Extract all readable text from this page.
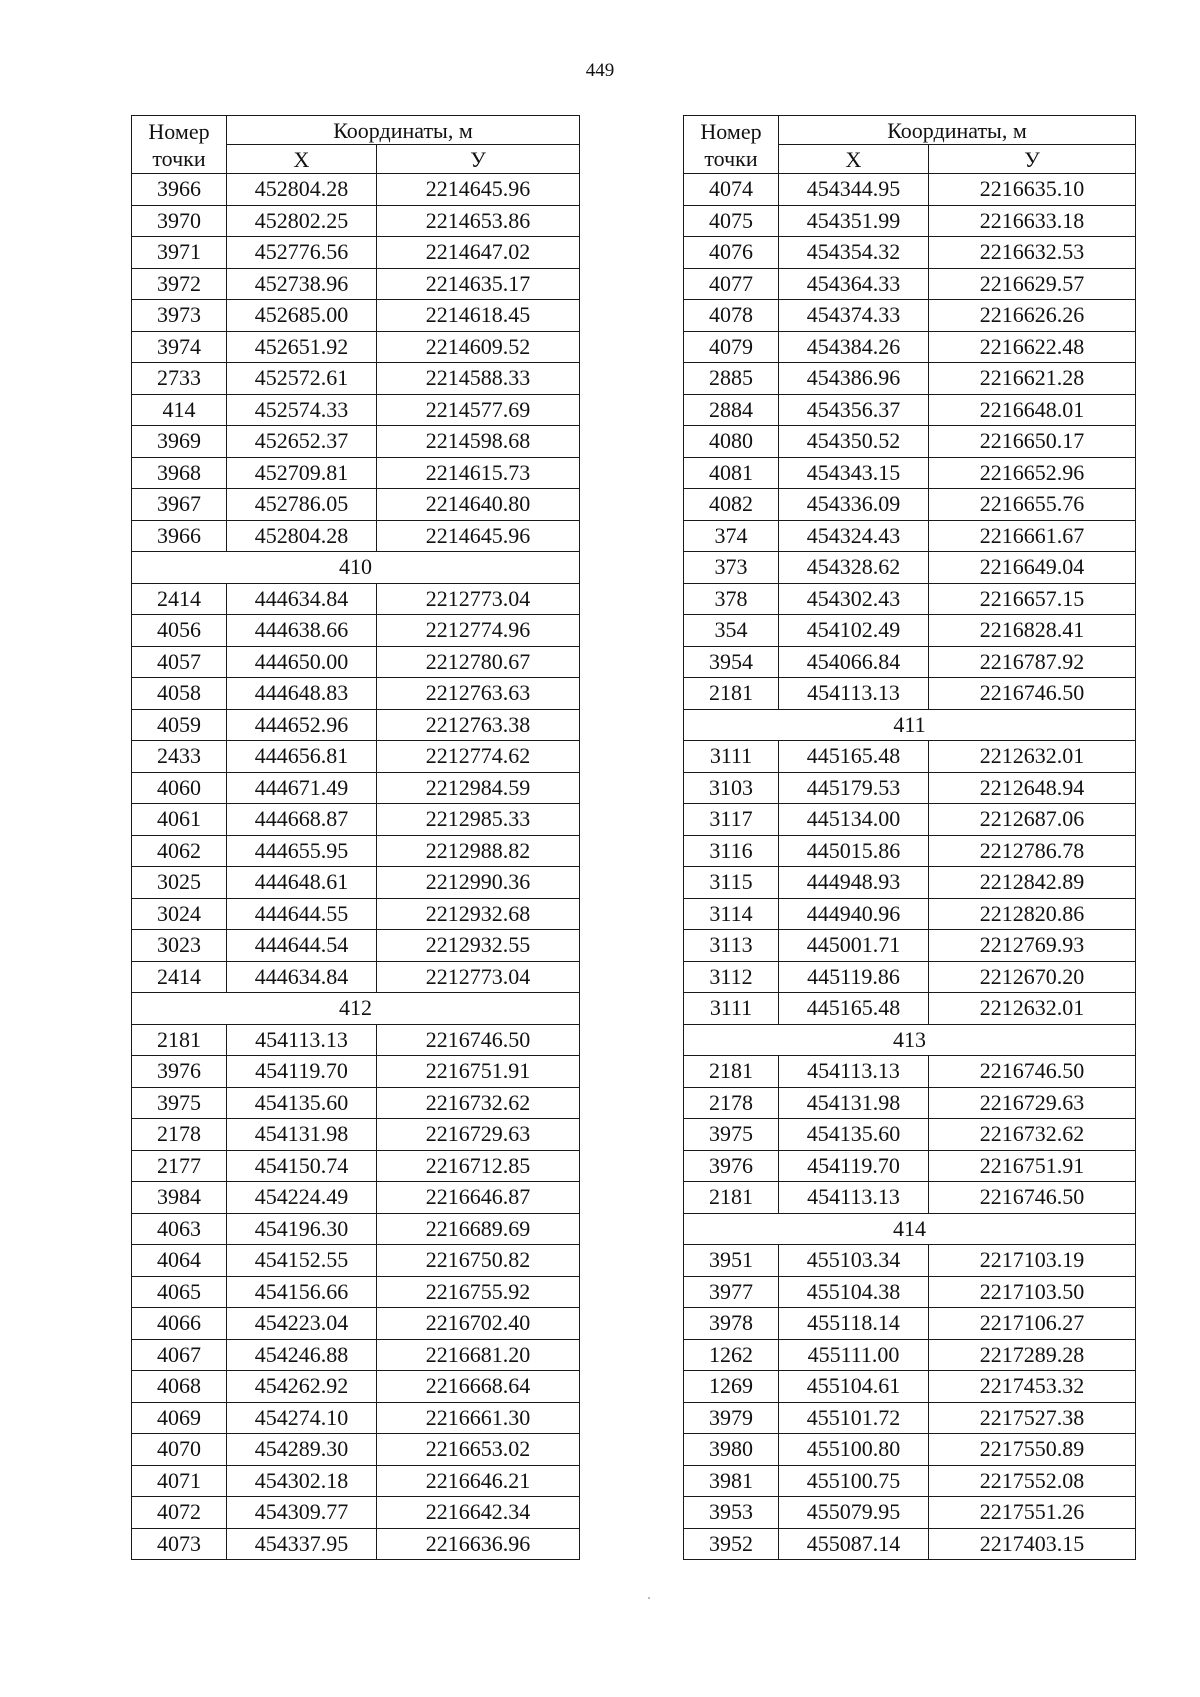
449
Номер
точки	Координаты, м	
	Х	У
3966	452804.28	2214645.96
3970	452802.25	2214653.86
3971	452776.56	2214647.02
3972	452738.96	2214635.17
3973	452685.00	2214618.45
3974	452651.92	2214609.52
2733	452572.61	2214588.33
414	452574.33	2214577.69
3969	452652.37	2214598.68
3968	452709.81	2214615.73
3967	452786.05	2214640.80
3966	452804.28	2214645.96
410		
2414	444634.84	2212773.04
4056	444638.66	2212774.96
4057	444650.00	2212780.67
4058	444648.83	2212763.63
4059	444652.96	2212763.38
2433	444656.81	2212774.62
4060	444671.49	2212984.59
4061	444668.87	2212985.33
4062	444655.95	2212988.82
3025	444648.61	2212990.36
3024	444644.55	2212932.68
3023	444644.54	2212932.55
2414	444634.84	2212773.04
412		
2181	454113.13	2216746.50
3976	454119.70	2216751.91
3975	454135.60	2216732.62
2178	454131.98	2216729.63
2177	454150.74	2216712.85
3984	454224.49	2216646.87
4063	454196.30	2216689.69
4064	454152.55	2216750.82
4065	454156.66	2216755.92
4066	454223.04	2216702.40
4067	454246.88	2216681.20
4068	454262.92	2216668.64
4069	454274.10	2216661.30
4070	454289.30	2216653.02
4071	454302.18	2216646.21
4072	454309.77	2216642.34
4073	454337.95	2216636.96
Номер
точки	Координаты, м	
	Х	У
4074	454344.95	2216635.10
4075	454351.99	2216633.18
4076	454354.32	2216632.53
4077	454364.33	2216629.57
4078	454374.33	2216626.26
4079	454384.26	2216622.48
2885	454386.96	2216621.28
2884	454356.37	2216648.01
4080	454350.52	2216650.17
4081	454343.15	2216652.96
4082	454336.09	2216655.76
374	454324.43	2216661.67
373	454328.62	2216649.04
378	454302.43	2216657.15
354	454102.49	2216828.41
3954	454066.84	2216787.92
2181	454113.13	2216746.50
411		
3111	445165.48	2212632.01
3103	445179.53	2212648.94
3117	445134.00	2212687.06
3116	445015.86	2212786.78
3115	444948.93	2212842.89
3114	444940.96	2212820.86
3113	445001.71	2212769.93
3112	445119.86	2212670.20
3111	445165.48	2212632.01
413		
2181	454113.13	2216746.50
2178	454131.98	2216729.63
3975	454135.60	2216732.62
3976	454119.70	2216751.91
2181	454113.13	2216746.50
414		
3951	455103.34	2217103.19
3977	455104.38	2217103.50
3978	455118.14	2217106.27
1262	455111.00	2217289.28
1269	455104.61	2217453.32
3979	455101.72	2217527.38
3980	455100.80	2217550.89
3981	455100.75	2217552.08
3953	455079.95	2217551.26
3952	455087.14	2217403.15
